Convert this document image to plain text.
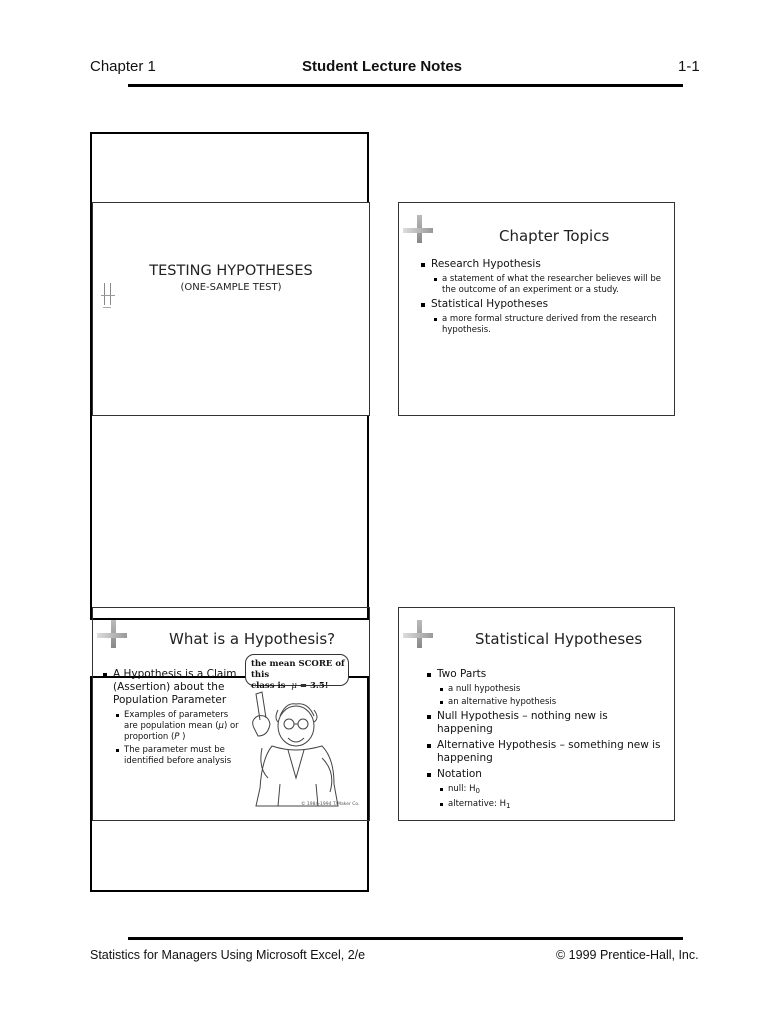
Chapter 1	Student Lecture Notes	1-1
TESTING HYPOTHESES
(ONE-SAMPLE TEST)
Chapter Topics
Research Hypothesis
a statement of what the researcher believes will be the outcome of an experiment or a study.
Statistical Hypotheses
a more formal structure derived from the research hypothesis.
What is a Hypothesis?
A Hypothesis is a Claim (Assertion) about the Population Parameter
Examples of parameters are population mean (μ) or proportion (P )
The parameter must be identified before analysis
the mean SCORE of this
class is μ = 3.5!
© 1984-1994 T/Maker Co.
Statistical Hypotheses
Two Parts
a null hypothesis
an alternative hypothesis
Null Hypothesis – nothing new is happening
Alternative Hypothesis – something new is happening
Notation
null: $H_0$
alternative: $H_1$
Statistics for Managers Using Microsoft Excel, 2/e	© 1999 Prentice-Hall, Inc.
